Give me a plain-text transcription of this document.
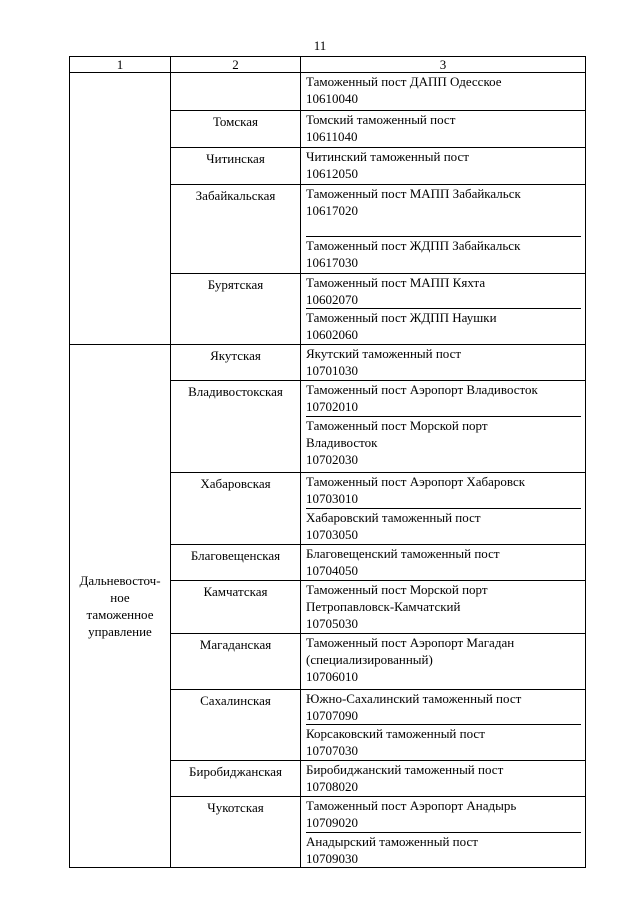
11
1	2	3

		Таможенный пост ДАПП Одесское
10610040

	Томская	Томский таможенный пост
10611040

	Читинская	Читинский таможенный пост
10612050

	Забайкальская	Таможенный пост МАПП Забайкальск
10617020
Таможенный пост ЖДПП Забайкальск
10617030

	Бурятская	Таможенный пост МАПП Кяхта
10602070
Таможенный пост ЖДПП Наушки
10602060

Дальневосточ-
ное
таможенное
управление	Якутская	Якутский таможенный пост
10701030

	Владивостокская	Таможенный пост Аэропорт Владивосток
10702010
Таможенный пост Морской порт
Владивосток
10702030

	Хабаровская	Таможенный пост Аэропорт Хабаровск
10703010
Хабаровский таможенный пост
10703050

	Благовещенская	Благовещенский таможенный пост
10704050

	Камчатская	Таможенный пост Морской порт
Петропавловск-Камчатский
10705030

	Магаданская	Таможенный пост Аэропорт Магадан
(специализированный)
10706010

	Сахалинская	Южно-Сахалинский таможенный пост
10707090
Корсаковский таможенный пост
10707030

	Биробиджанская	Биробиджанский таможенный пост
10708020

	Чукотская	Таможенный пост Аэропорт Анадырь
10709020
Анадырский таможенный пост
10709030
